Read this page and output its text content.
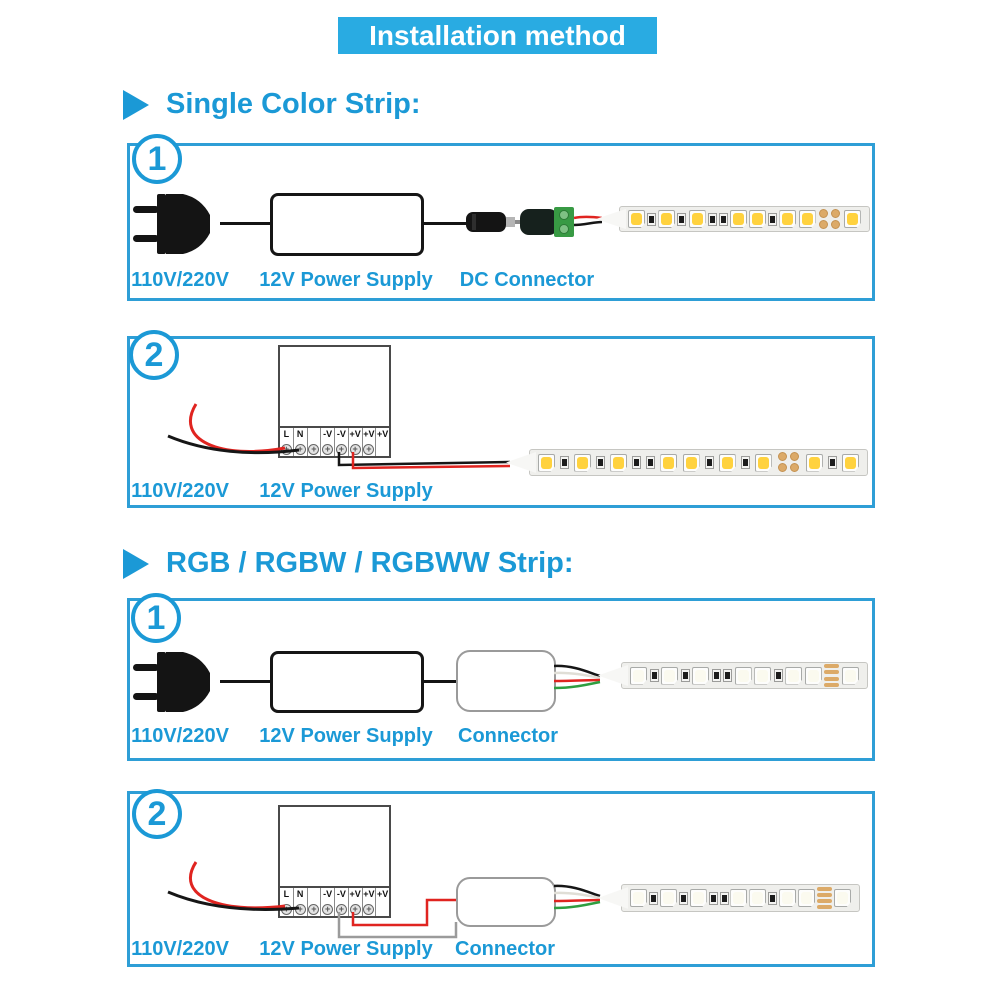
Installation method
Single Color Strip:
1
110V/220V 12V Power Supply DC Connector
2
L
+
N
+ +
-V
+
-V
+
+V
+
+V
+
+V
110V/220V 12V Power Supply
RGB / RGBW / RGBWW Strip:
1
110V/220V 12V Power Supply Connector
2
L
+
N
+ +
-V
+
-V
+
+V
+
+V
+
+V
110V/220V 12V Power Supply Connector
